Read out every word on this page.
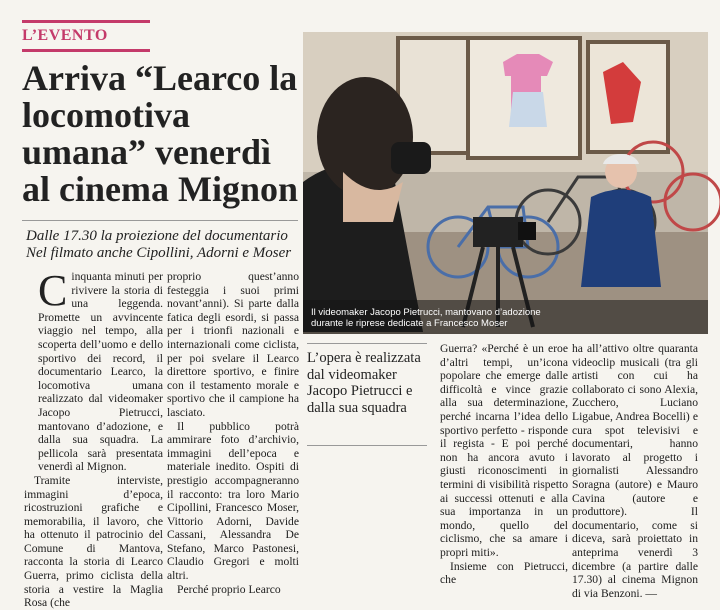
L’EVENTO
Arriva “Learco la locomotiva umana” venerdì al cinema Mignon
Dalle 17.30 la proiezione del documentario Nel filmato anche Cipollini, Adorni e Moser

Cinquanta minuti per rivivere la storia di una leggenda. Promette un avvincente viaggio nel tempo, alla scoperta dell’uomo e dello sportivo dei record, il documentario Learco, la locomotiva umana realizzato dal videomaker Jacopo Pietrucci, mantovano d’adozione, e dalla sua squadra. La pellicola sarà presentata venerdì al Mignon.

Tramite interviste, immagini d’epoca, ricostruzioni grafiche e memorabilia, il lavoro, che ha ottenuto il patrocinio del Comune di Mantova, racconta la storia di Learco Guerra, primo ciclista della storia a vestire la Maglia Rosa (che

proprio quest’anno festeggia i suoi primi novant’anni). Si parte dalla fatica degli esordi, si passa per i trionfi nazionali e internazionali come ciclista, per poi svelare il Learco direttore sportivo, e finire con il testamento morale e sportivo che il campione ha lasciato.

Il pubblico potrà ammirare foto d’archivio, immagini dell’epoca e materiale inedito. Ospiti di prestigio accompagneranno il racconto: tra loro Mario Cipollini, Francesco Moser, Vittorio Adorni, Davide Cassani, Alessandra De Stefano, Marco Pastonesi, Claudio Gregori e molti altri.

Perché proprio Learco

Il videomaker Jacopo Pietrucci, mantovano d’adozione durante le riprese dedicate a Francesco Moser
L’opera è realizzata dal videomaker Jacopo Pietrucci e dalla sua squadra

Guerra? «Perché è un eroe d’altri tempi, un’icona popolare che emerge dalle difficoltà e vince grazie alla sua determinazione, perché incarna l’idea dello sportivo perfetto - risponde il regista - E poi perché non ha ancora avuto i giusti riconoscimenti in termini di visibilità rispetto ai successi ottenuti e alla sua importanza in un mondo, quello del ciclismo, che sa amare i propri miti».

Insieme con Pietrucci, che

ha all’attivo oltre quaranta videoclip musicali (tra gli artisti con cui ha collaborato ci sono Alexia, Zucchero, Luciano Ligabue, Andrea Bocelli) e cura spot televisivi e documentari, hanno lavorato al progetto i giornalisti Alessandro Soragna (autore) e Mauro Cavina (autore e produttore). Il documentario, come si diceva, sarà proiettato in anteprima venerdì 3 dicembre (a partire dalle 17.30) al cinema Mignon di via Benzoni. —
